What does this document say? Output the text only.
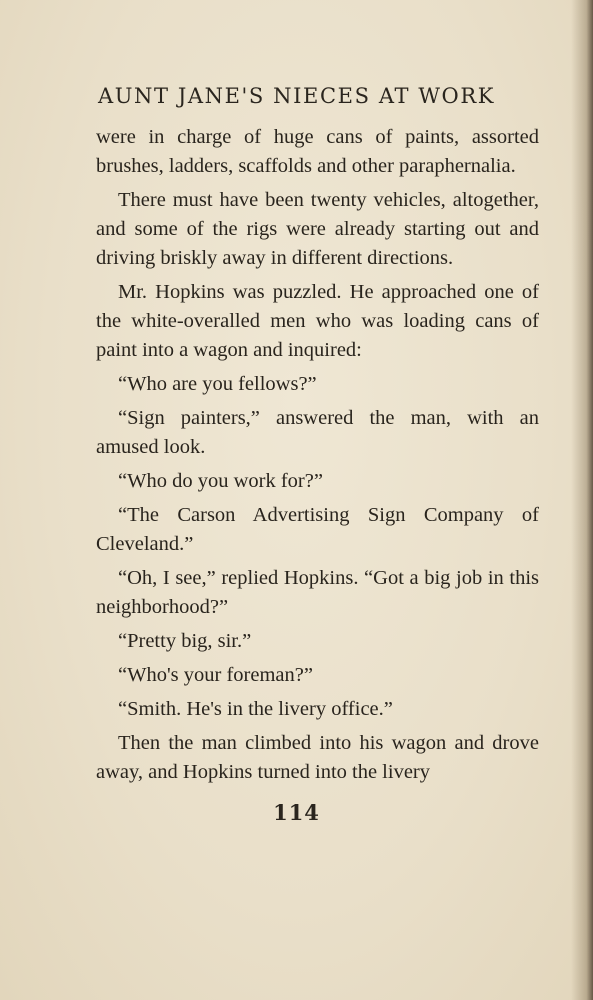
AUNT JANE'S NIECES AT WORK

were in charge of huge cans of paints, assorted brushes, ladders, scaffolds and other paraphernalia.

There must have been twenty vehicles, altogether, and some of the rigs were already starting out and driving briskly away in different directions.

Mr. Hopkins was puzzled. He approached one of the white-overalled men who was loading cans of paint into a wagon and inquired:

“Who are you fellows?”

“Sign painters,” answered the man, with an amused look.

“Who do you work for?”

“The Carson Advertising Sign Company of Cleveland.”

“Oh, I see,” replied Hopkins. “Got a big job in this neighborhood?”

“Pretty big, sir.”

“Who's your foreman?”

“Smith. He's in the livery office.”

Then the man climbed into his wagon and drove away, and Hopkins turned into the livery

114
